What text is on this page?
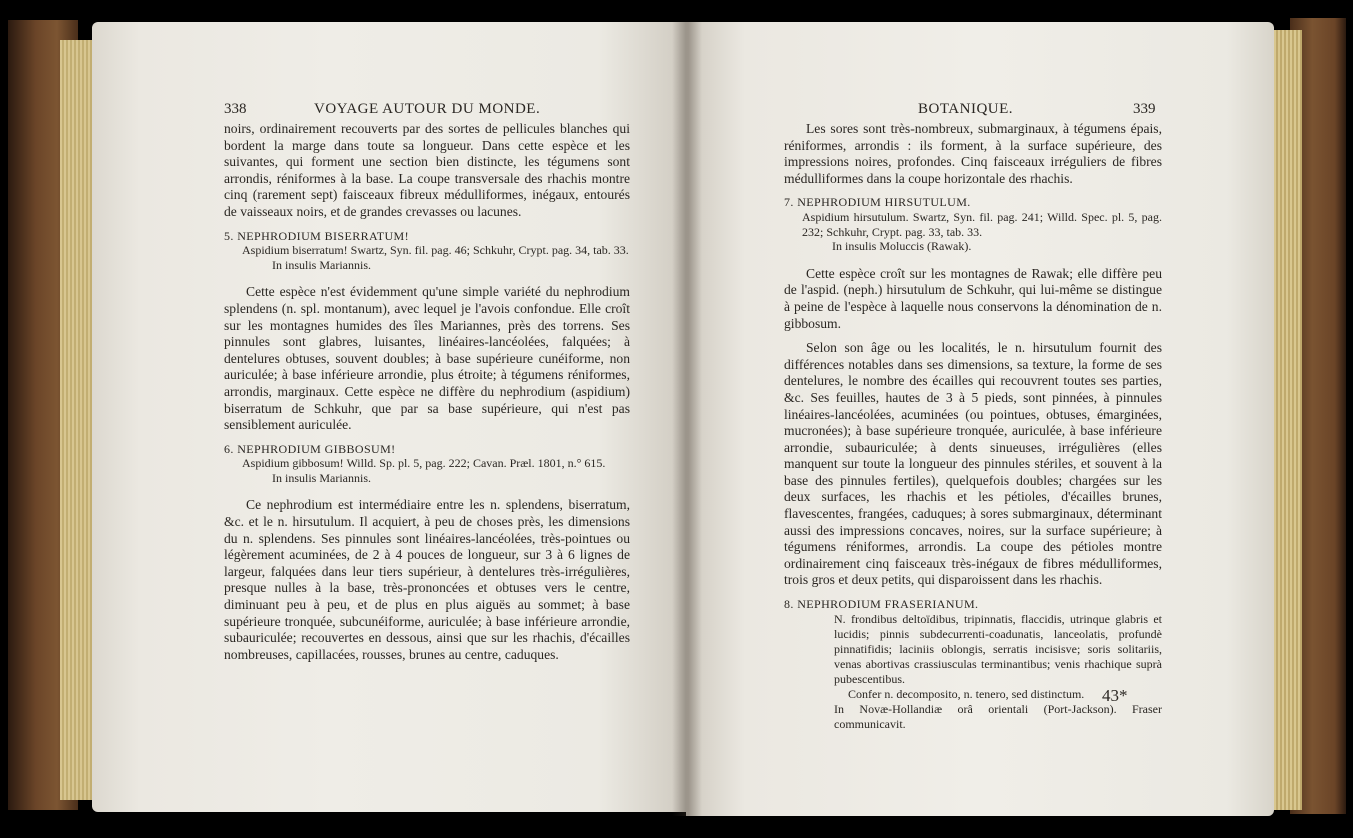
338	VOYAGE AUTOUR DU MONDE.

noirs, ordinairement recouverts par des sortes de pellicules blanches qui bordent la marge dans toute sa longueur. Dans cette espèce et les suivantes, qui forment une section bien distincte, les tégumens sont arrondis, réniformes à la base. La coupe transversale des rhachis montre cinq (rarement sept) faisceaux fibreux médulliformes, inégaux, entourés de vaisseaux noirs, et de grandes crevasses ou lacunes.

5. NEPHRODIUM BISERRATUM!
Aspidium biserratum! Swartz, Syn. fil. pag. 46; Schkuhr, Crypt. pag. 34, tab. 33.
In insulis Mariannis.

Cette espèce n'est évidemment qu'une simple variété du nephrodium splendens (n. spl. montanum), avec lequel je l'avois confondue. Elle croît sur les montagnes humides des îles Mariannes, près des torrens. Ses pinnules sont glabres, luisantes, linéaires-lancéolées, falquées; à dentelures obtuses, souvent doubles; à base supérieure cunéiforme, non auriculée; à base inférieure arrondie, plus étroite; à tégumens réniformes, arrondis, marginaux. Cette espèce ne diffère du nephrodium (aspidium) biserratum de Schkuhr, que par sa base supérieure, qui n'est pas sensiblement auriculée.

6. NEPHRODIUM GIBBOSUM!
Aspidium gibbosum! Willd. Sp. pl. 5, pag. 222; Cavan. Præl. 1801, n.° 615.
In insulis Mariannis.

Ce nephrodium est intermédiaire entre les n. splendens, biserratum, &c. et le n. hirsutulum. Il acquiert, à peu de choses près, les dimensions du n. splendens. Ses pinnules sont linéaires-lancéolées, très-pointues ou légèrement acuminées, de 2 à 4 pouces de longueur, sur 3 à 6 lignes de largeur, falquées dans leur tiers supérieur, à dentelures très-irrégulières, presque nulles à la base, très-prononcées et obtuses vers le centre, diminuant peu à peu, et de plus en plus aiguës au sommet; à base supérieure tronquée, subcunéiforme, auriculée; à base inférieure arrondie, subauriculée; recouvertes en dessous, ainsi que sur les rhachis, d'écailles nombreuses, capillacées, rousses, brunes au centre, caduques.

BOTANIQUE.	339

Les sores sont très-nombreux, submarginaux, à tégumens épais, réniformes, arrondis : ils forment, à la surface supérieure, des impressions noires, profondes. Cinq faisceaux irréguliers de fibres médulliformes dans la coupe horizontale des rhachis.

7. NEPHRODIUM HIRSUTULUM.
Aspidium hirsutulum. Swartz, Syn. fil. pag. 241; Willd. Spec. pl. 5, pag. 232; Schkuhr, Crypt. pag. 33, tab. 33.
In insulis Moluccis (Rawak).

Cette espèce croît sur les montagnes de Rawak; elle diffère peu de l'aspid. (neph.) hirsutulum de Schkuhr, qui lui-même se distingue à peine de l'espèce à laquelle nous conservons la dénomination de n. gibbosum.

Selon son âge ou les localités, le n. hirsutulum fournit des différences notables dans ses dimensions, sa texture, la forme de ses dentelures, le nombre des écailles qui recouvrent toutes ses parties, &c. Ses feuilles, hautes de 3 à 5 pieds, sont pinnées, à pinnules linéaires-lancéolées, acuminées (ou pointues, obtuses, émarginées, mucronées); à base supérieure tronquée, auriculée, à base inférieure arrondie, subauriculée; à dents sinueuses, irrégulières (elles manquent sur toute la longueur des pinnules stériles, et souvent à la base des pinnules fertiles), quelquefois doubles; chargées sur les deux surfaces, les rhachis et les pétioles, d'écailles brunes, flavescentes, frangées, caduques; à sores submarginaux, déterminant aussi des impressions concaves, noires, sur la surface supérieure; à tégumens réniformes, arrondis. La coupe des pétioles montre ordinairement cinq faisceaux très-inégaux de fibres médulliformes, trois gros et deux petits, qui disparoissent dans les rhachis.

8. NEPHRODIUM FRASERIANUM.
N. frondibus deltoïdibus, tripinnatis, flaccidis, utrinque glabris et lucidis; pinnis subdecurrenti-coadunatis, lanceolatis, profundè pinnatifidis; laciniis oblongis, serratis incisisve; soris solitariis, venas abortivas crassiusculas terminantibus; venis rhachique suprà pubescentibus.
Confer n. decomposito, n. tenero, sed distinctum.
In Novæ-Hollandiæ orâ orientali (Port-Jackson). Fraser communicavit.
43*
